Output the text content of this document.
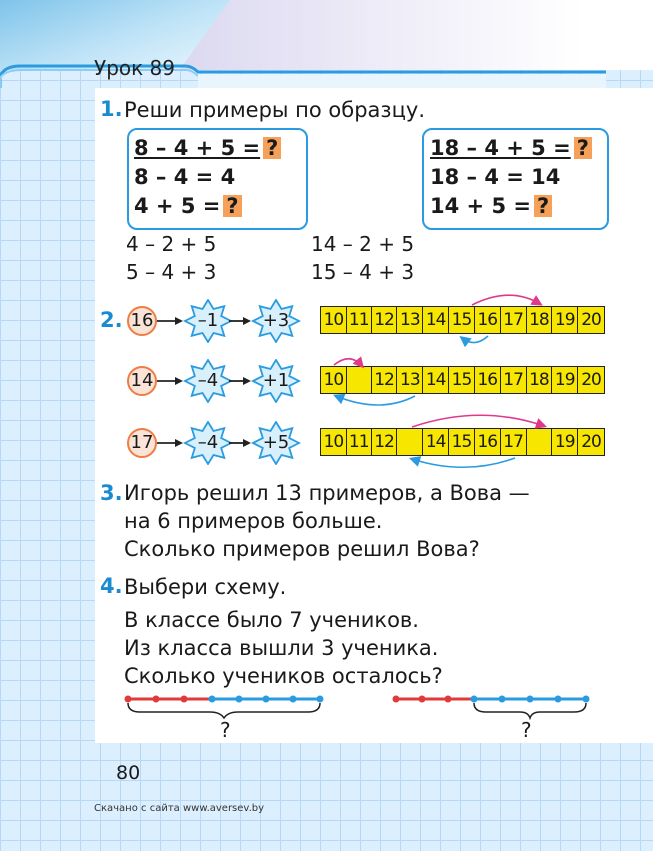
Урок 89
1. Реши примеры по образцу.
8 – 4 + 5 = ?
8 – 4 = 4
4 + 5 = ?
18 – 4 + 5 = ?
18 – 4 = 14
14 + 5 = ?
4 – 2 + 5
5 – 4 + 3
14 – 2 + 5
15 – 4 + 3
2. 16	–1	+3	10 11 12 13 14 15 16 17 18 19 20
14	–4	+1	10 12 13 14 15 16 17 18 19 20
17	–4	+5	10 11 12 14 15 16 17 19 20
3. Игорь решил 13 примеров, а Вова —
на 6 примеров больше.
Сколько примеров решил Вова?
4. Выбери схему.
В классе было 7 учеников.
Из класса вышли 3 ученика.
Сколько учеников осталось?
?	?
80
Скачано с сайта www.aversev.by
